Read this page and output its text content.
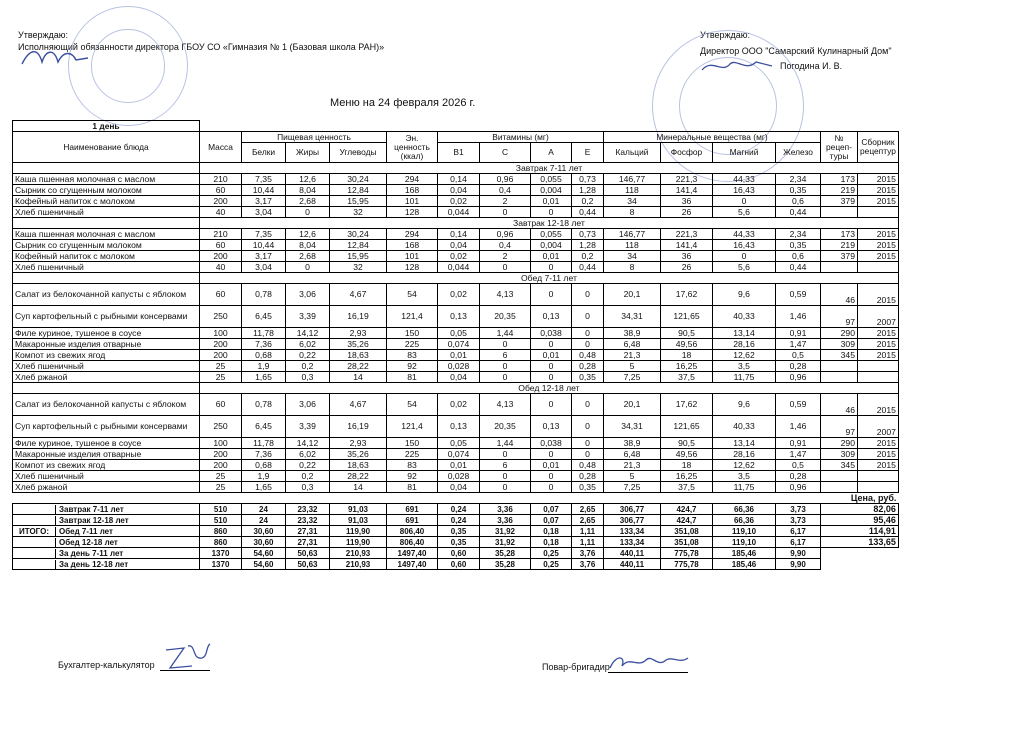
Утверждаю:
Исполняющий обязанности директора ГБОУ СО «Гимназия № 1 (Базовая школа РАН)»
Утверждаю:
Директор ООО "Самарский Кулинарный Дом"
Погодина И. В.
Меню на 24 февраля 2026 г.
1 день															
Наименование блюда	Масса	Пищевая ценность			Эн. ценность (ккал)	Витамины (мг)				Минеральные вещества (мг)				№ рецеп- туры	Сборник рецептур
		Белки	Жиры	Углеводы		B1	C	A	E	Кальций	Фосфор	Магний	Железо		
	Завтрак 7-11 лет														
Каша пшенная молочная с маслом	210	7,35	12,6	30,24	294	0,14	0,96	0,055	0,73	146,77	221,3	44,33	2,34	173	2015
Сырник со сгущенным молоком	60	10,44	8,04	12,84	168	0,04	0,4	0,004	1,28	118	141,4	16,43	0,35	219	2015
Кофейный напиток с молоком	200	3,17	2,68	15,95	101	0,02	2	0,01	0,2	34	36	0	0,6	379	2015
Хлеб пшеничный	40	3,04	0	32	128	0,044	0	0	0,44	8	26	5,6	0,44		
	Завтрак 12-18 лет														
Каша пшенная молочная с маслом	210	7,35	12,6	30,24	294	0,14	0,96	0,055	0,73	146,77	221,3	44,33	2,34	173	2015
Сырник со сгущенным молоком	60	10,44	8,04	12,84	168	0,04	0,4	0,004	1,28	118	141,4	16,43	0,35	219	2015
Кофейный напиток с молоком	200	3,17	2,68	15,95	101	0,02	2	0,01	0,2	34	36	0	0,6	379	2015
Хлеб пшеничный	40	3,04	0	32	128	0,044	0	0	0,44	8	26	5,6	0,44		
	Обед 7-11 лет														
Салат из белокочанной капусты с яблоком	60	0,78	3,06	4,67	54	0,02	4,13	0	0	20,1	17,62	9,6	0,59	46	2015
Суп картофельный с рыбными консервами	250	6,45	3,39	16,19	121,4	0,13	20,35	0,13	0	34,31	121,65	40,33	1,46	97	2007
Филе куриное, тушеное в соусе	100	11,78	14,12	2,93	150	0,05	1,44	0,038	0	38,9	90,5	13,14	0,91	290	2015
Макаронные изделия отварные	200	7,36	6,02	35,26	225	0,074	0	0	0	6,48	49,56	28,16	1,47	309	2015
Компот из свежих ягод	200	0,68	0,22	18,63	83	0,01	6	0,01	0,48	21,3	18	12,62	0,5	345	2015
Хлеб пшеничный	25	1,9	0,2	28,22	92	0,028	0	0	0,28	5	16,25	3,5	0,28		
Хлеб ржаной	25	1,65	0,3	14	81	0,04	0	0	0,35	7,25	37,5	11,75	0,96		
	Обед 12-18 лет														
Салат из белокочанной капусты с яблоком	60	0,78	3,06	4,67	54	0,02	4,13	0	0	20,1	17,62	9,6	0,59	46	2015
Суп картофельный с рыбными консервами	250	6,45	3,39	16,19	121,4	0,13	20,35	0,13	0	34,31	121,65	40,33	1,46	97	2007
Филе куриное, тушеное в соусе	100	11,78	14,12	2,93	150	0,05	1,44	0,038	0	38,9	90,5	13,14	0,91	290	2015
Макаронные изделия отварные	200	7,36	6,02	35,26	225	0,074	0	0	0	6,48	49,56	28,16	1,47	309	2015
Компот из свежих ягод	200	0,68	0,22	18,63	83	0,01	6	0,01	0,48	21,3	18	12,62	0,5	345	2015
Хлеб пшеничный	25	1,9	0,2	28,22	92	0,028	0	0	0,28	5	16,25	3,5	0,28		
Хлеб ржаной	25	1,65	0,3	14	81	0,04	0	0	0,35	7,25	37,5	11,75	0,96		
														Цена, руб.	

Завтрак 7-11 лет	510	24	23,32	91,03	691	0,24	3,36	0,07	2,65	306,77	424,7	66,36	3,73	82,06	

Завтрак 12-18 лет	510	24	23,32	91,03	691	0,24	3,36	0,07	2,65	306,77	424,7	66,36	3,73	95,46	

ИТОГО: Обед 7-11 лет	860	30,60	27,31	119,90	806,40	0,35	31,92	0,18	1,11	133,34	351,08	119,10	6,17	114,91	

Обед 12-18 лет	860	30,60	27,31	119,90	806,40	0,35	31,92	0,18	1,11	133,34	351,08	119,10	6,17	133,65	

За день 7-11 лет	1370	54,60	50,63	210,93	1497,40	0,60	35,28	0,25	3,76	440,11	775,78	185,46	9,90		

За день 12-18 лет	1370	54,60	50,63	210,93	1497,40	0,60	35,28	0,25	3,76	440,11	775,78	185,46	9,90		
Бухгалтер-калькулятор	Повар-бригадир
